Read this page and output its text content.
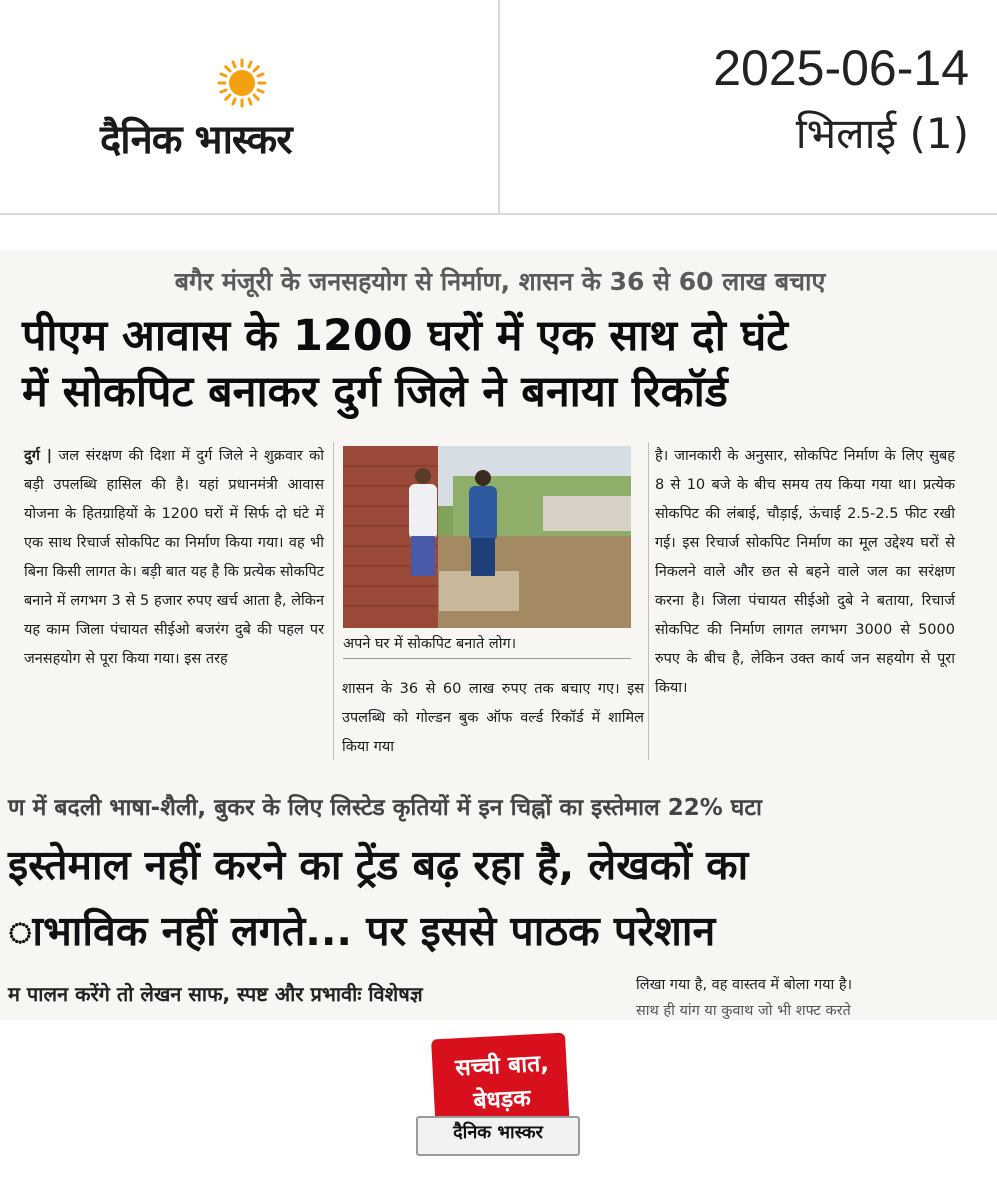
दैनिक भास्कर
2025-06-14
भिलाई (1)
बगैर मंजूरी के जनसहयोग से निर्माण, शासन के 36 से 60 लाख बचाए
पीएम आवास के 1200 घरों में एक साथ दो घंटे
में सोकपिट बनाकर दुर्ग जिले ने बनाया रिकॉर्ड
दुर्ग | जल संरक्षण की दिशा में दुर्ग जिले ने शुक्रवार को बड़ी उपलब्धि हासिल की है। यहां प्रधानमंत्री आवास योजना के हितग्राहियों के 1200 घरों में सिर्फ दो घंटे में एक साथ रिचार्ज सोकपिट का निर्माण किया गया। वह भी बिना किसी लागत के। बड़ी बात यह है कि प्रत्येक सोकपिट बनाने में लगभग 3 से 5 हजार रुपए खर्च आता है, लेकिन यह काम जिला पंचायत सीईओ बजरंग दुबे की पहल पर जनसहयोग से पूरा किया गया। इस तरह
अपने घर में सोकपिट बनाते लोग।
शासन के 36 से 60 लाख रुपए तक बचाए गए। इस उपलब्धि को गोल्डन बुक ऑफ वर्ल्ड रिकॉर्ड में शामिल किया गया
है। जानकारी के अनुसार, सोकपिट निर्माण के लिए सुबह 8 से 10 बजे के बीच समय तय किया गया था। प्रत्येक सोकपिट की लंबाई, चौड़ाई, ऊंचाई 2.5-2.5 फीट रखी गई। इस रिचार्ज सोकपिट निर्माण का मूल उद्देश्य घरों से निकलने वाले और छत से बहने वाले जल का सरंक्षण करना है। जिला पंचायत सीईओ दुबे ने बताया, रिचार्ज सोकपिट की निर्माण लागत लगभग 3000 से 5000 रुपए के बीच है, लेकिन उक्त कार्य जन सहयोग से पूरा किया।
ण में बदली भाषा-शैली, बुकर के लिए लिस्टेड कृतियों में इन चिह्नों का इस्तेमाल 22% घटा
इस्तेमाल नहीं करने का ट्रेंड बढ़ रहा है, लेखकों का
ाभाविक नहीं लगते... पर इससे पाठक परेशान
म पालन करेंगे तो लेखन साफ, स्पष्ट और प्रभावीः विशेषज्ञ	लिखा गया है, वह वास्तव में बोला गया है।
साथ ही यांग या कुवाथ जो भी शफ्ट करते
सच्ची बात,
बेधड़क
दैनिक भास्कर
